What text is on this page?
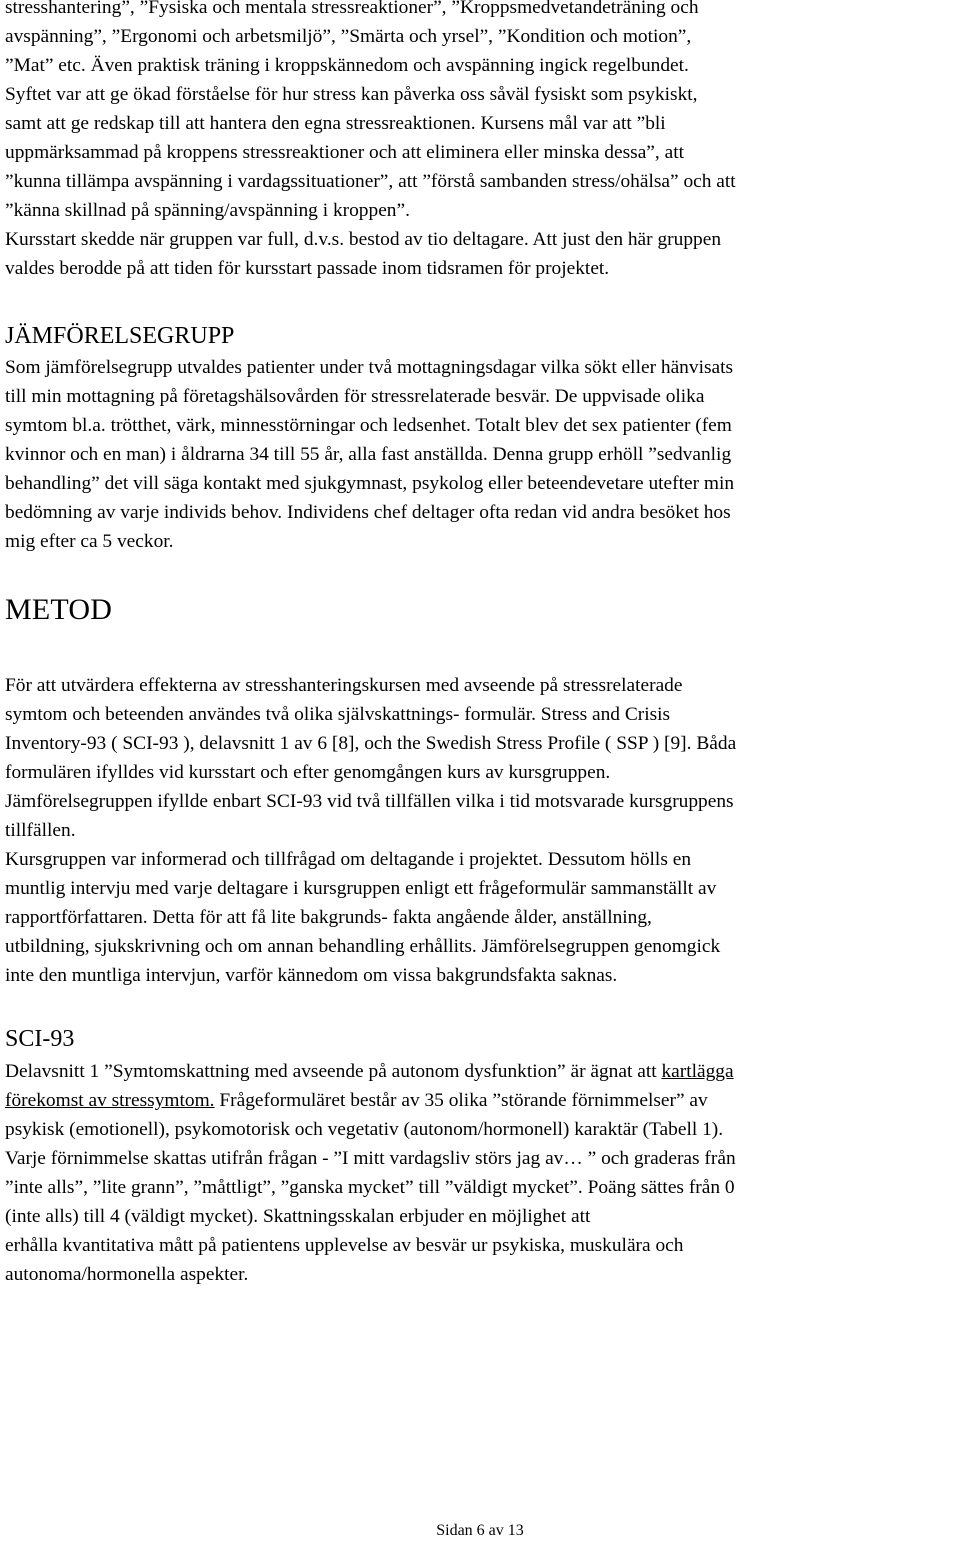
stresshantering”, ”Fysiska och mentala stressreaktioner”, ”Kroppsmedvetandeträning och
avspänning”, ”Ergonomi och arbetsmiljö”, ”Smärta och yrsel”, ”Kondition och motion”,
”Mat” etc. Även praktisk träning i kroppskännedom och avspänning ingick regelbundet.
Syftet var att ge ökad förståelse för hur stress kan påverka oss såväl fysiskt som psykiskt,
samt att ge redskap till att hantera den egna stressreaktionen. Kursens mål var att ”bli
uppmärksammad på kroppens stressreaktioner och att eliminera eller minska dessa”, att
”kunna tillämpa avspänning i vardagssituationer”, att ”förstå sambanden stress/ohälsa” och att
”känna skillnad på spänning/avspänning i kroppen”.
Kursstart skedde när gruppen var full, d.v.s. bestod av tio deltagare. Att just den här gruppen
valdes berodde på att tiden för kursstart passade inom tidsramen för projektet.
JÄMFÖRELSEGRUPP
Som jämförelsegrupp utvaldes patienter under två mottagningsdagar vilka sökt eller hänvisats
till min mottagning på företagshälsovården för stressrelaterade besvär. De uppvisade olika
symtom bl.a. trötthet, värk, minnesstörningar och ledsenhet. Totalt blev det sex patienter (fem
kvinnor och en man) i åldrarna 34 till 55 år, alla fast anställda. Denna grupp erhöll ”sedvanlig
behandling” det vill säga kontakt med sjukgymnast, psykolog eller beteendevetare utefter min
bedömning av varje individs behov. Individens chef deltager ofta redan vid andra besöket hos
mig efter ca 5 veckor.
METOD
För att utvärdera effekterna av stresshanteringskursen med avseende på stressrelaterade
symtom och beteenden användes två olika självskattnings- formulär. Stress and Crisis
Inventory-93 ( SCI-93 ), delavsnitt 1 av 6 [8], och the Swedish Stress Profile ( SSP ) [9]. Båda
formulären ifylldes vid kursstart och efter genomgången kurs av kursgruppen.
Jämförelsegruppen ifyllde enbart SCI-93 vid två tillfällen vilka i tid motsvarade kursgruppens
tillfällen.
Kursgruppen var informerad och tillfrågad om deltagande i projektet. Dessutom hölls en
muntlig intervju med varje deltagare i kursgruppen enligt ett frågeformulär sammanställt av
rapportförfattaren. Detta för att få lite bakgrunds- fakta angående ålder, anställning,
utbildning, sjukskrivning och om annan behandling erhållits. Jämförelsegruppen genomgick
inte den muntliga intervjun, varför kännedom om vissa bakgrundsfakta saknas.
SCI-93
Delavsnitt 1 ”Symtomskattning med avseende på autonom dysfunktion” är ägnat att kartlägga
förekomst av stressymtom. Frågeformuläret består av 35 olika ”störande förnimmelser” av
psykisk (emotionell), psykomotorisk och vegetativ (autonom/hormonell) karaktär (Tabell 1).
Varje förnimmelse skattas utifrån frågan - ”I mitt vardagsliv störs jag av… ” och graderas från
”inte alls”, ”lite grann”, ”måttligt”, ”ganska mycket” till ”väldigt mycket”. Poäng sättes från 0
(inte alls) till 4 (väldigt mycket). Skattningsskalan erbjuder en möjlighet att
erhålla kvantitativa mått på patientens upplevelse av besvär ur psykiska, muskulära och
autonoma/hormonella aspekter.
Sidan 6 av 13
